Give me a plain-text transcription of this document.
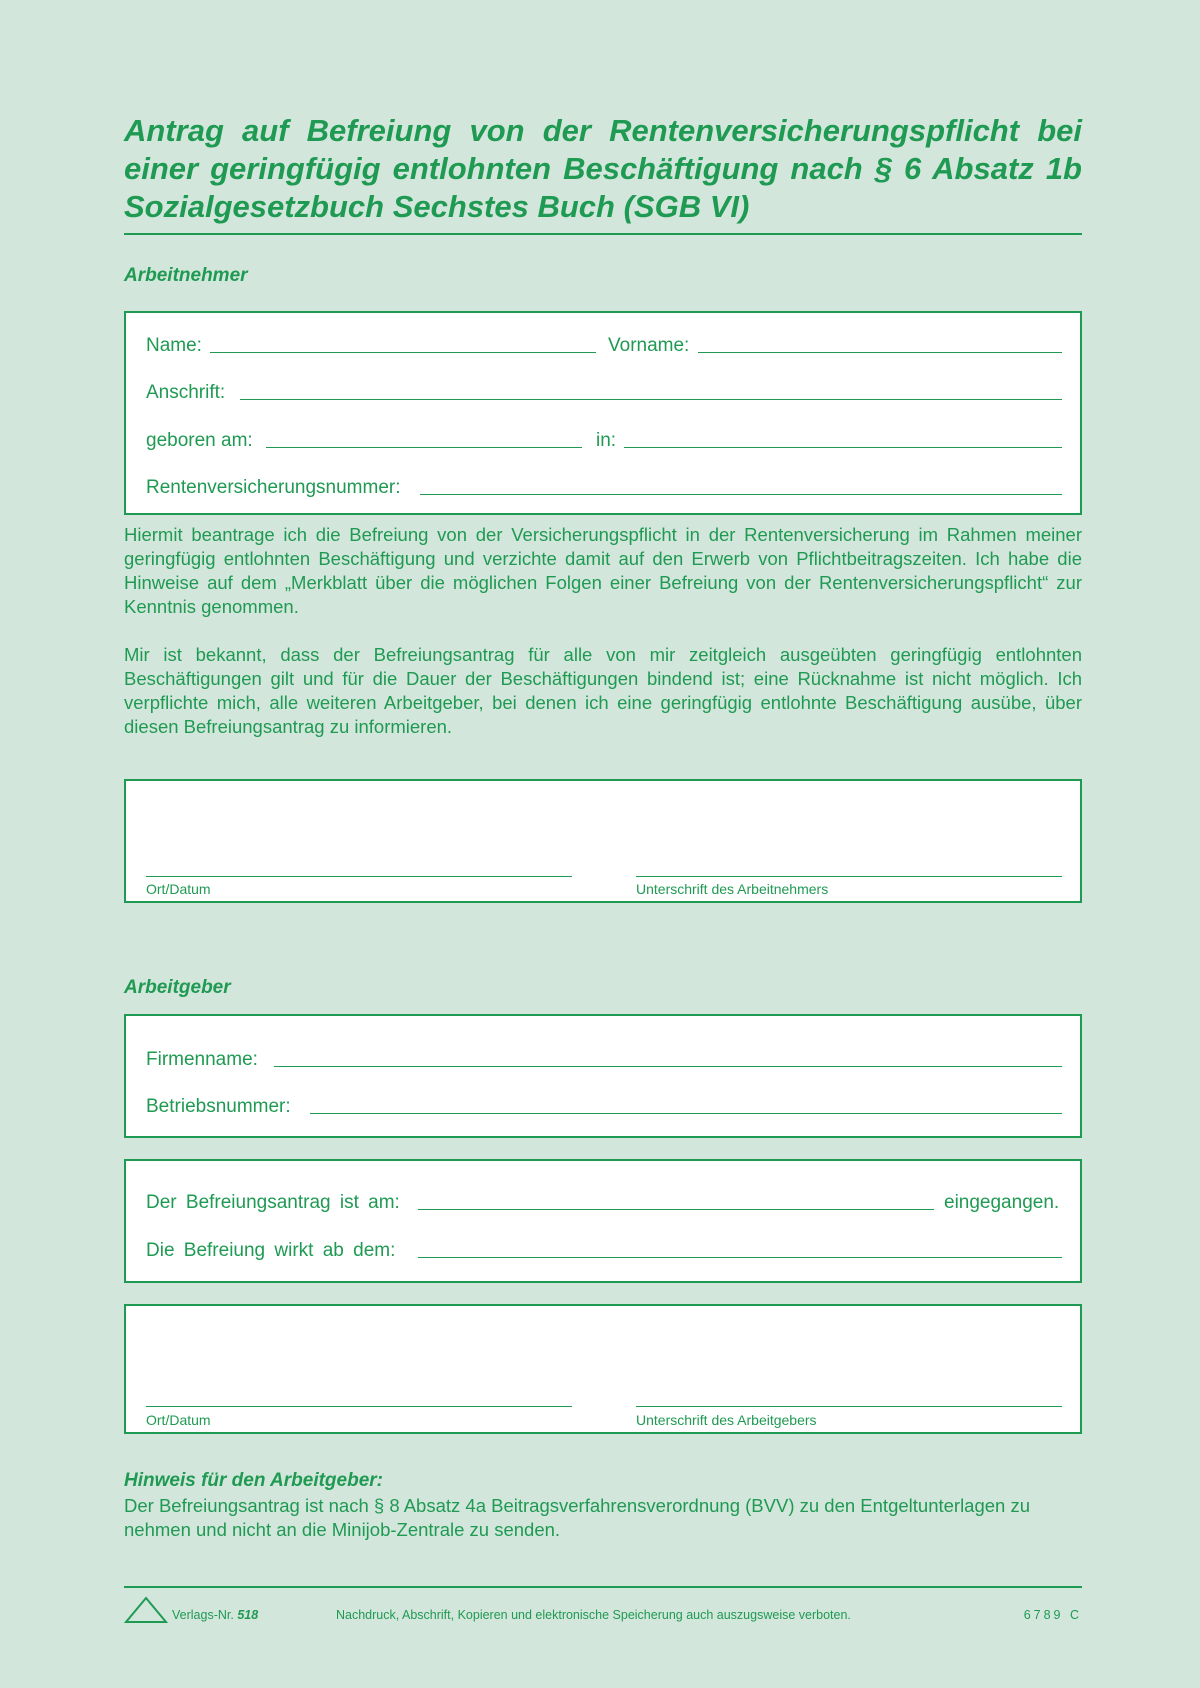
Antrag auf Befreiung von der Rentenversicherungspflicht bei
einer geringfügig entlohnten Beschäftigung nach § 6 Absatz 1b
Sozialgesetzbuch Sechstes Buch (SGB VI)
Arbeitnehmer
Name:	Vorname:
Anschrift:
geboren am:	in:
Rentenversicherungsnummer:

Hiermit beantrage ich die Befreiung von der Versicherungspflicht in der Rentenversicherung im Rahmen meiner geringfügig entlohnten Beschäftigung und verzichte damit auf den Erwerb von Pflichtbeitragszeiten. Ich habe die Hinweise auf dem „Merkblatt über die möglichen Folgen einer Befreiung von der Rentenversicherungspflicht“ zur Kenntnis genommen.

Mir ist bekannt, dass der Befreiungsantrag für alle von mir zeitgleich ausgeübten geringfügig entlohnten Beschäftigungen gilt und für die Dauer der Beschäftigungen bindend ist; eine Rücknahme ist nicht möglich. Ich verpflichte mich, alle weiteren Arbeitgeber, bei denen ich eine geringfügig entlohnte Beschäftigung ausübe, über diesen Befreiungsantrag zu informieren.

Ort/Datum	Unterschrift des Arbeitnehmers
Arbeitgeber
Firmenname:
Betriebsnummer:
Der Befreiungsantrag ist am:	eingegangen.
Die Befreiung wirkt ab dem:
Ort/Datum	Unterschrift des Arbeitgebers
Hinweis für den Arbeitgeber:

Der Befreiungsantrag ist nach § 8 Absatz 4a Beitragsverfahrensverordnung (BVV) zu den Entgeltunterlagen zu nehmen und nicht an die Minijob-Zentrale zu senden.

Verlags-Nr. 518	Nachdruck, Abschrift, Kopieren und elektronische Speicherung auch auszugsweise verboten.	6789 C
